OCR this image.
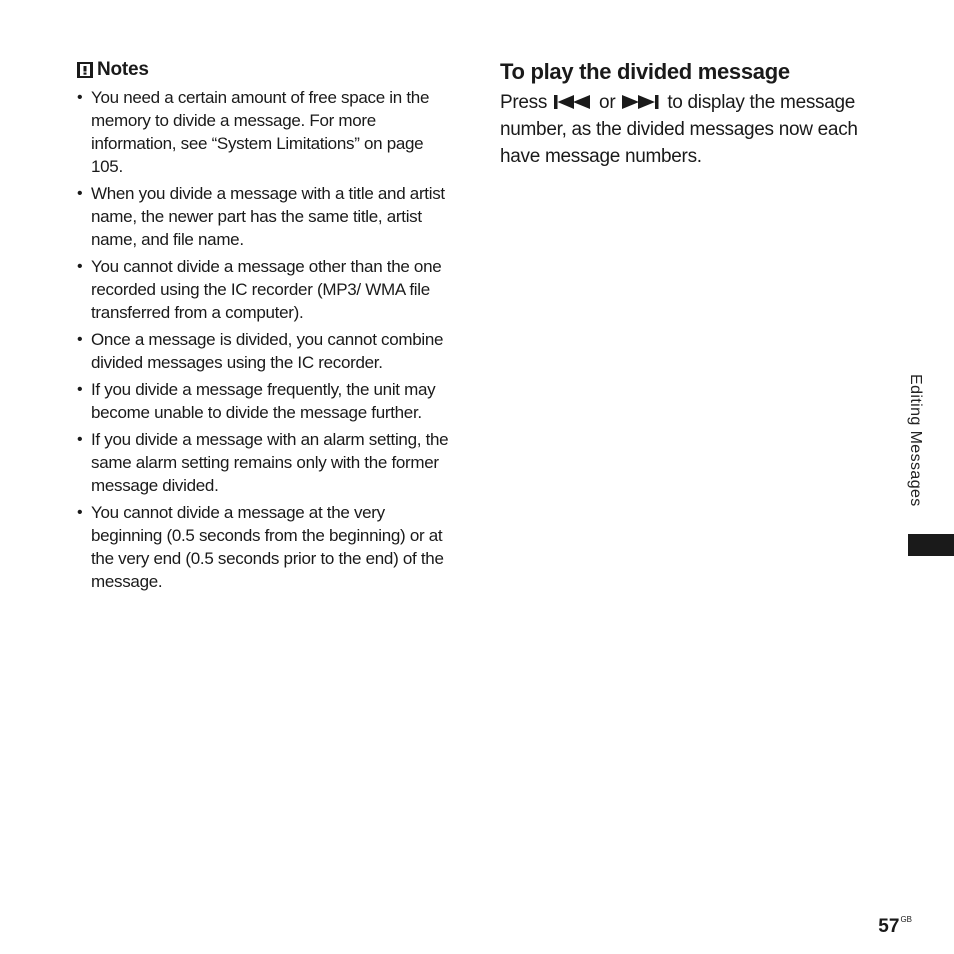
Notes
• You need a certain amount of free space in the memory to divide a message. For more information, see “System Limitations” on page 105.
• When you divide a message with a title and artist name, the newer part has the same title, artist name, and file name.
• You cannot divide a message other than the one recorded using the IC recorder (MP3/ WMA file transferred from a computer).
• Once a message is divided, you cannot combine divided messages using the IC recorder.
• If you divide a message frequently, the unit may become unable to divide the message further.
• If you divide a message with an alarm setting, the same alarm setting remains only with the former message divided.
• You cannot divide a message at the very beginning (0.5 seconds from the beginning) or at the very end (0.5 seconds prior to the end) of the message.
To play the divided message

Press	or	to display the message number, as the divided messages now each have message numbers.

Editing Messages
$57^{GB}$
